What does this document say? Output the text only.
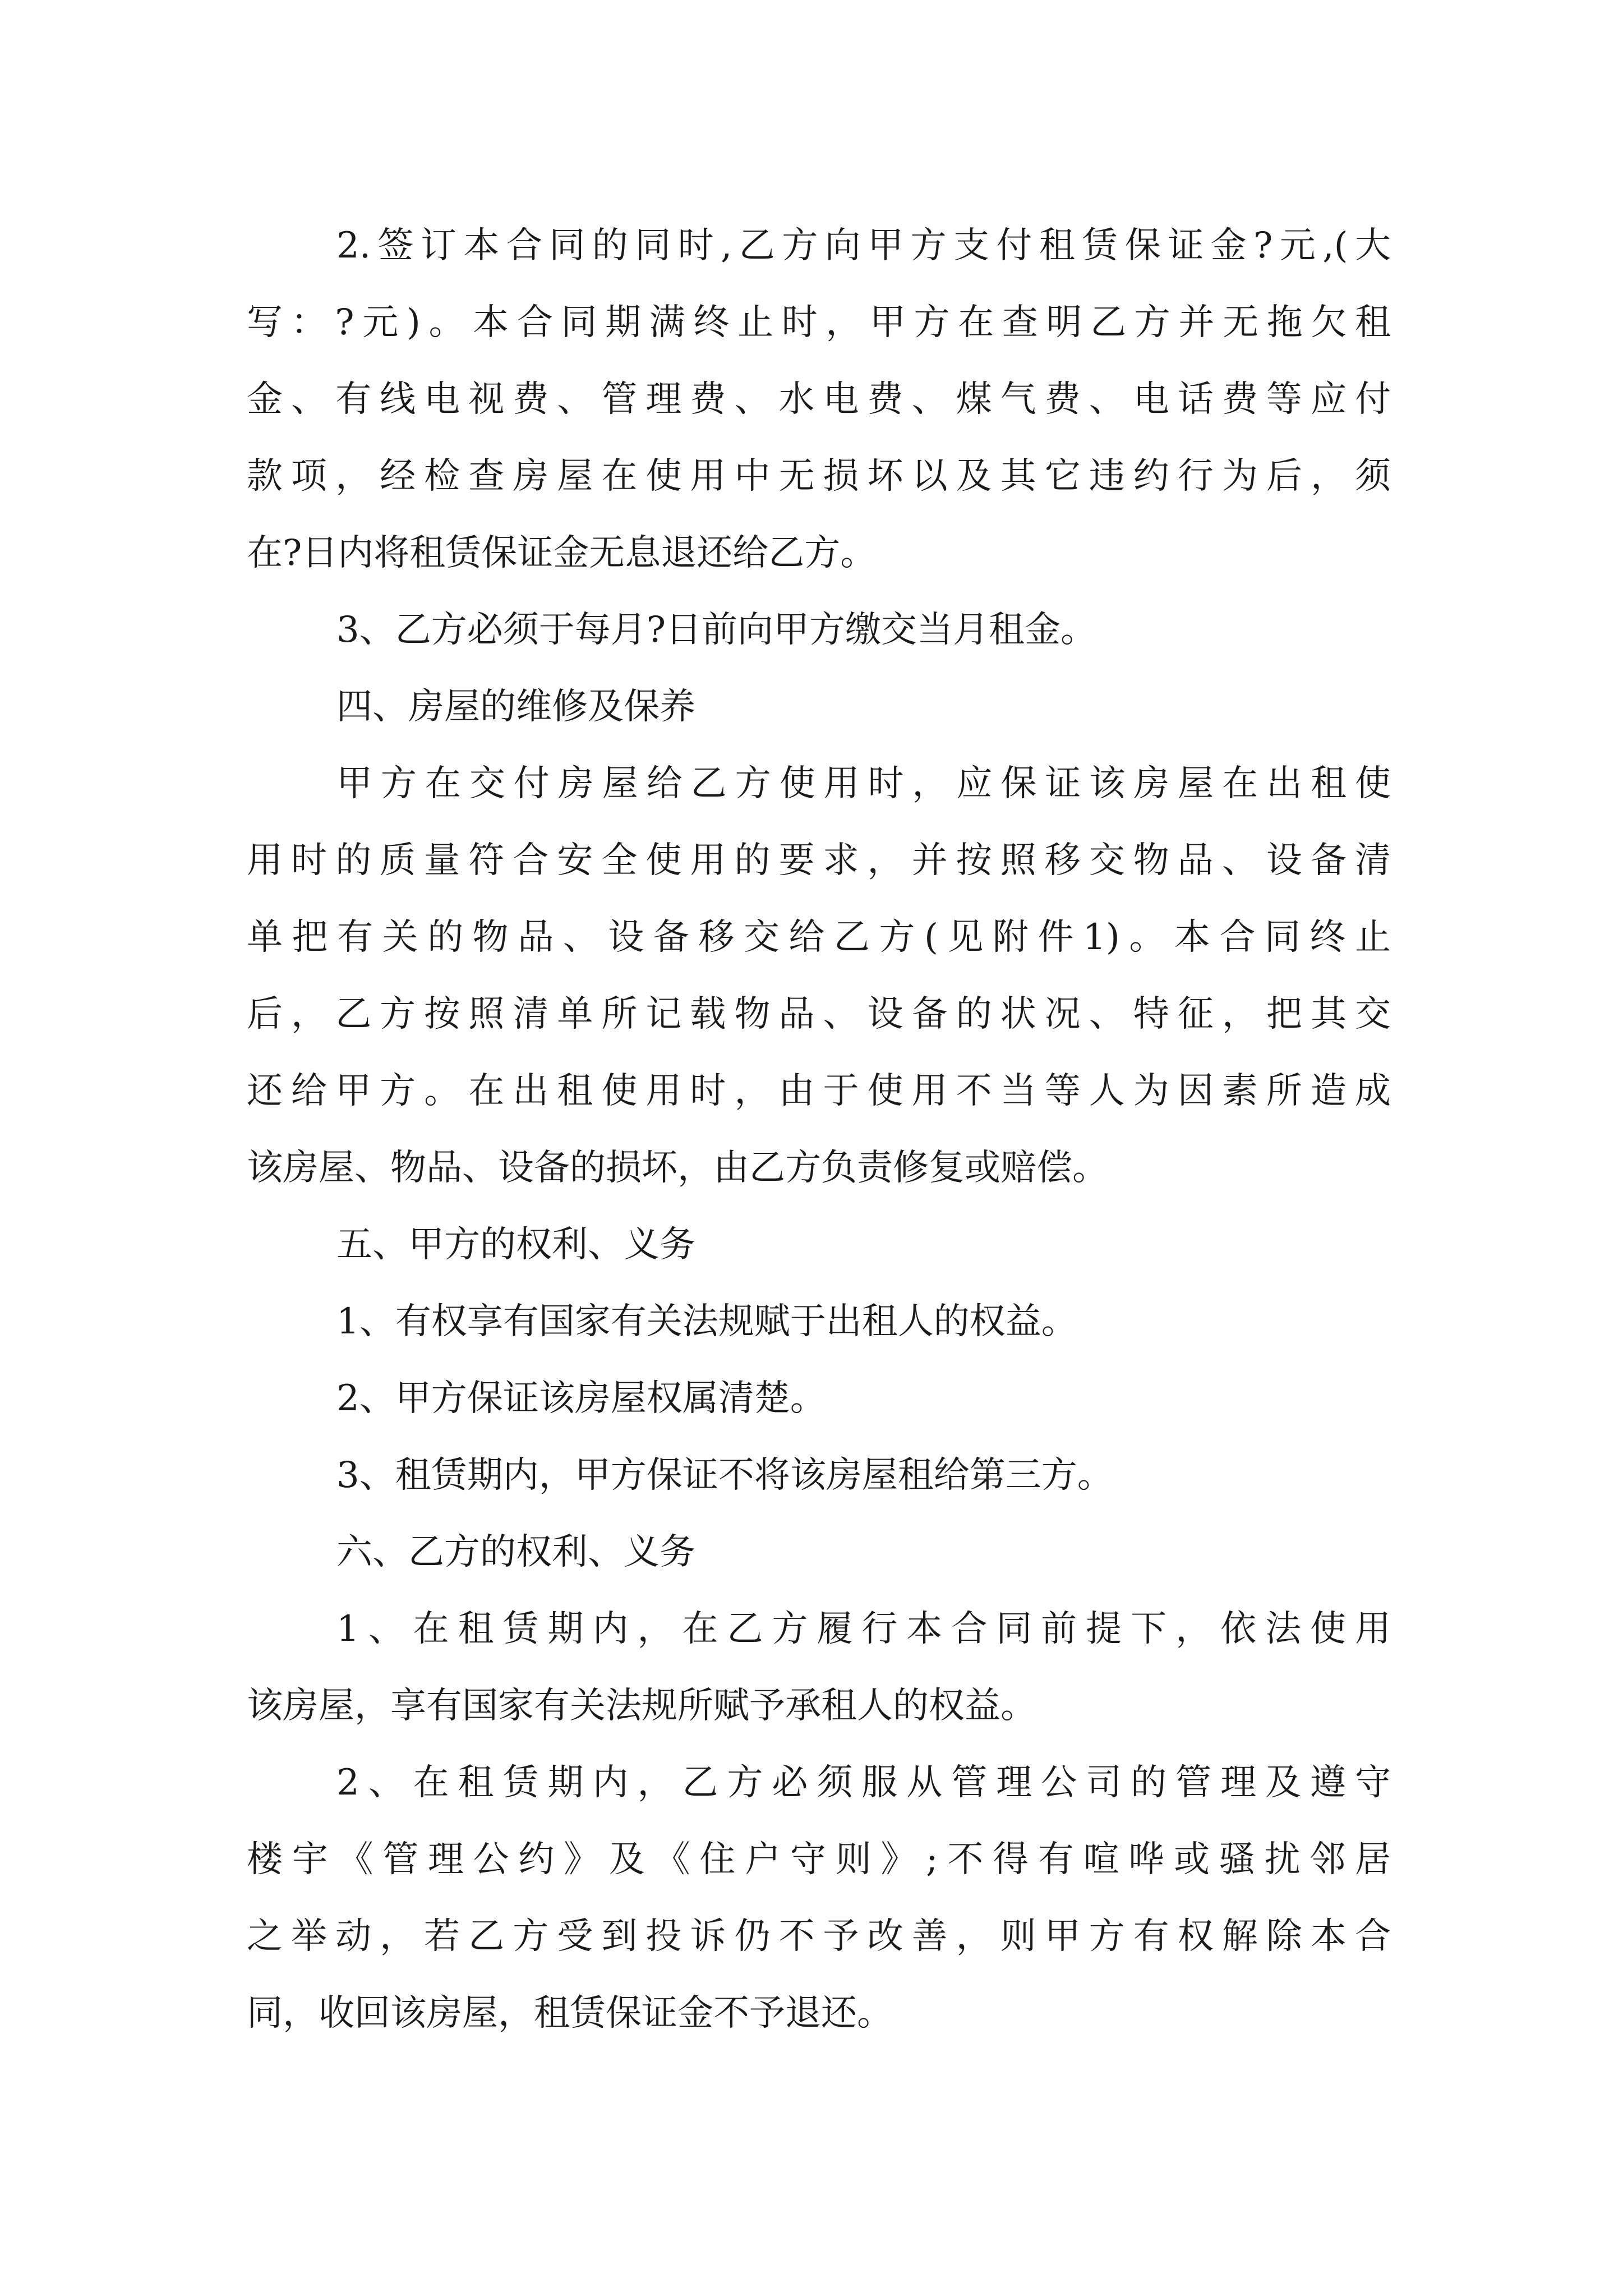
2.签订本合同的同时,乙方向甲方支付租赁保证金?元,(大
写：?元)。本合同期满终止时，甲方在查明乙方并无拖欠租
金、有线电视费、管理费、水电费、煤气费、电话费等应付
款项，经检查房屋在使用中无损坏以及其它违约行为后，须
在?日内将租赁保证金无息退还给乙方。
3、乙方必须于每月?日前向甲方缴交当月租金。
四、房屋的维修及保养
甲方在交付房屋给乙方使用时，应保证该房屋在出租使
用时的质量符合安全使用的要求，并按照移交物品、设备清
单把有关的物品、设备移交给乙方(见附件1)。本合同终止
后，乙方按照清单所记载物品、设备的状况、特征，把其交
还给甲方。在出租使用时，由于使用不当等人为因素所造成
该房屋、物品、设备的损坏，由乙方负责修复或赔偿。
五、甲方的权利、义务
1、有权享有国家有关法规赋于出租人的权益。
2、甲方保证该房屋权属清楚。
3、租赁期内，甲方保证不将该房屋租给第三方。
六、乙方的权利、义务
1、在租赁期内，在乙方履行本合同前提下，依法使用
该房屋，享有国家有关法规所赋予承租人的权益。
2、在租赁期内，乙方必须服从管理公司的管理及遵守
楼宇《管理公约》及《住户守则》;不得有喧哗或骚扰邻居
之举动，若乙方受到投诉仍不予改善，则甲方有权解除本合
同，收回该房屋，租赁保证金不予退还。
